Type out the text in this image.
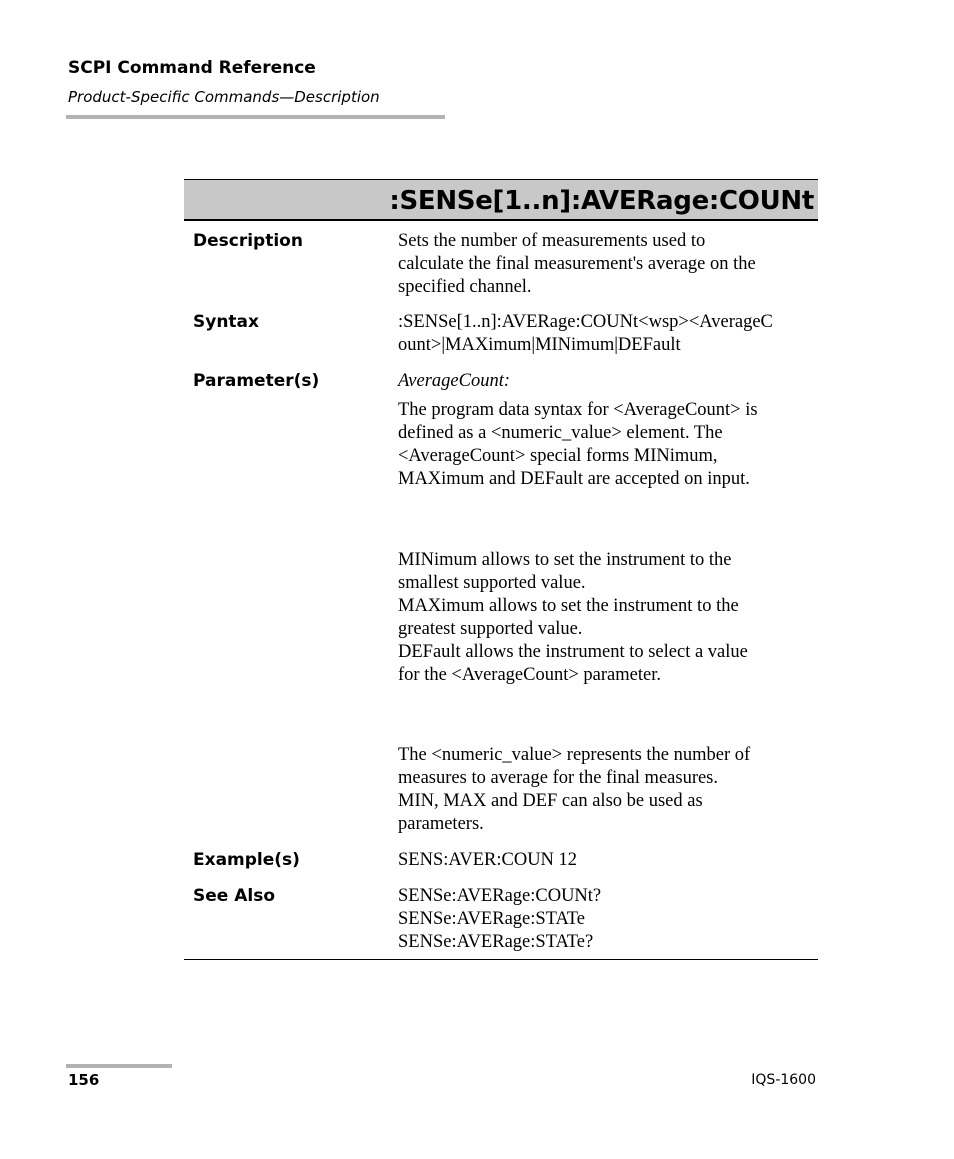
SCPI Command Reference
Product-Specific Commands—Description
:SENSe[1..n]:AVERage:COUNt
Description	Sets the number of measurements used to
calculate the final measurement's average on the
specified channel.
Syntax	:SENSe[1..n]:AVERage:COUNt<wsp><AverageC
ount>|MAXimum|MINimum|DEFault
Parameter(s)	AverageCount:
The program data syntax for <AverageCount> is
defined as a <numeric_value> element. The
<AverageCount> special forms MINimum,
MAXimum and DEFault are accepted on input.
MINimum allows to set the instrument to the
smallest supported value.
MAXimum allows to set the instrument to the
greatest supported value.
DEFault allows the instrument to select a value
for the <AverageCount> parameter.
The <numeric_value> represents the number of
measures to average for the final measures.
MIN, MAX and DEF can also be used as
parameters.
Example(s)	SENS:AVER:COUN 12
See Also	SENSe:AVERage:COUNt?
SENSe:AVERage:STATe
SENSe:AVERage:STATe?
156	IQS-1600
